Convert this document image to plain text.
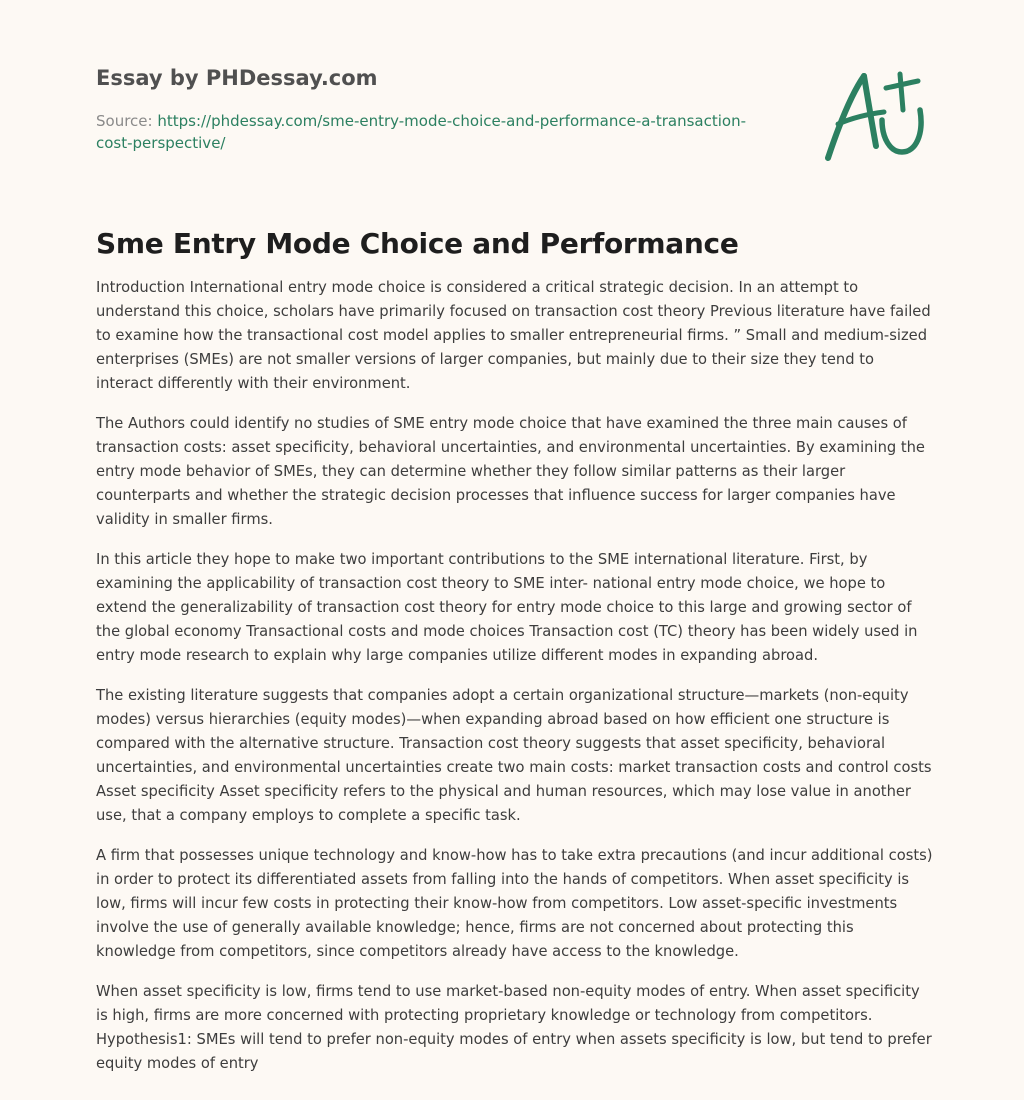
Essay by PHDessay.com
Source: https://phdessay.com/sme-entry-mode-choice-and-performance-a-transaction-cost-perspective/
Sme Entry Mode Choice and Performance

Introduction International entry mode choice is considered a critical strategic decision. In an attempt to understand this choice, scholars have primarily focused on transaction cost theory Previous literature have failed to examine how the transactional cost model applies to smaller entrepreneurial firms. ” Small and medium-sized enterprises (SMEs) are not smaller versions of larger companies, but mainly due to their size they tend to interact differently with their environment.

The Authors could identify no studies of SME entry mode choice that have examined the three main causes of transaction costs: asset specificity, behavioral uncertainties, and environmental uncertainties. By examining the entry mode behavior of SMEs, they can determine whether they follow similar patterns as their larger counterparts and whether the strategic decision processes that influence success for larger companies have validity in smaller firms.

In this article they hope to make two important contributions to the SME international literature. First, by examining the applicability of transaction cost theory to SME inter- national entry mode choice, we hope to extend the generalizability of transaction cost theory for entry mode choice to this large and growing sector of the global economy Transactional costs and mode choices Transaction cost (TC) theory has been widely used in entry mode research to explain why large companies utilize different modes in expanding abroad.

The existing literature suggests that companies adopt a certain organizational structure—markets (non-equity modes) versus hierarchies (equity modes)—when expanding abroad based on how efficient one structure is compared with the alternative structure. Transaction cost theory suggests that asset specificity, behavioral uncertainties, and environmental uncertainties create two main costs: market transaction costs and control costs Asset specificity Asset specificity refers to the physical and human resources, which may lose value in another use, that a company employs to complete a specific task.

A firm that possesses unique technology and know-how has to take extra precautions (and incur additional costs) in order to protect its differentiated assets from falling into the hands of competitors. When asset specificity is low, firms will incur few costs in protecting their know-how from competitors. Low asset-specific investments involve the use of generally available knowledge; hence, firms are not concerned about protecting this knowledge from competitors, since competitors already have access to the knowledge.

When asset specificity is low, firms tend to use market-based non-equity modes of entry. When asset specificity is high, firms are more concerned with protecting proprietary knowledge or technology from competitors. Hypothesis1: SMEs will tend to prefer non-equity modes of entry when assets specificity is low, but tend to prefer equity modes of entry
